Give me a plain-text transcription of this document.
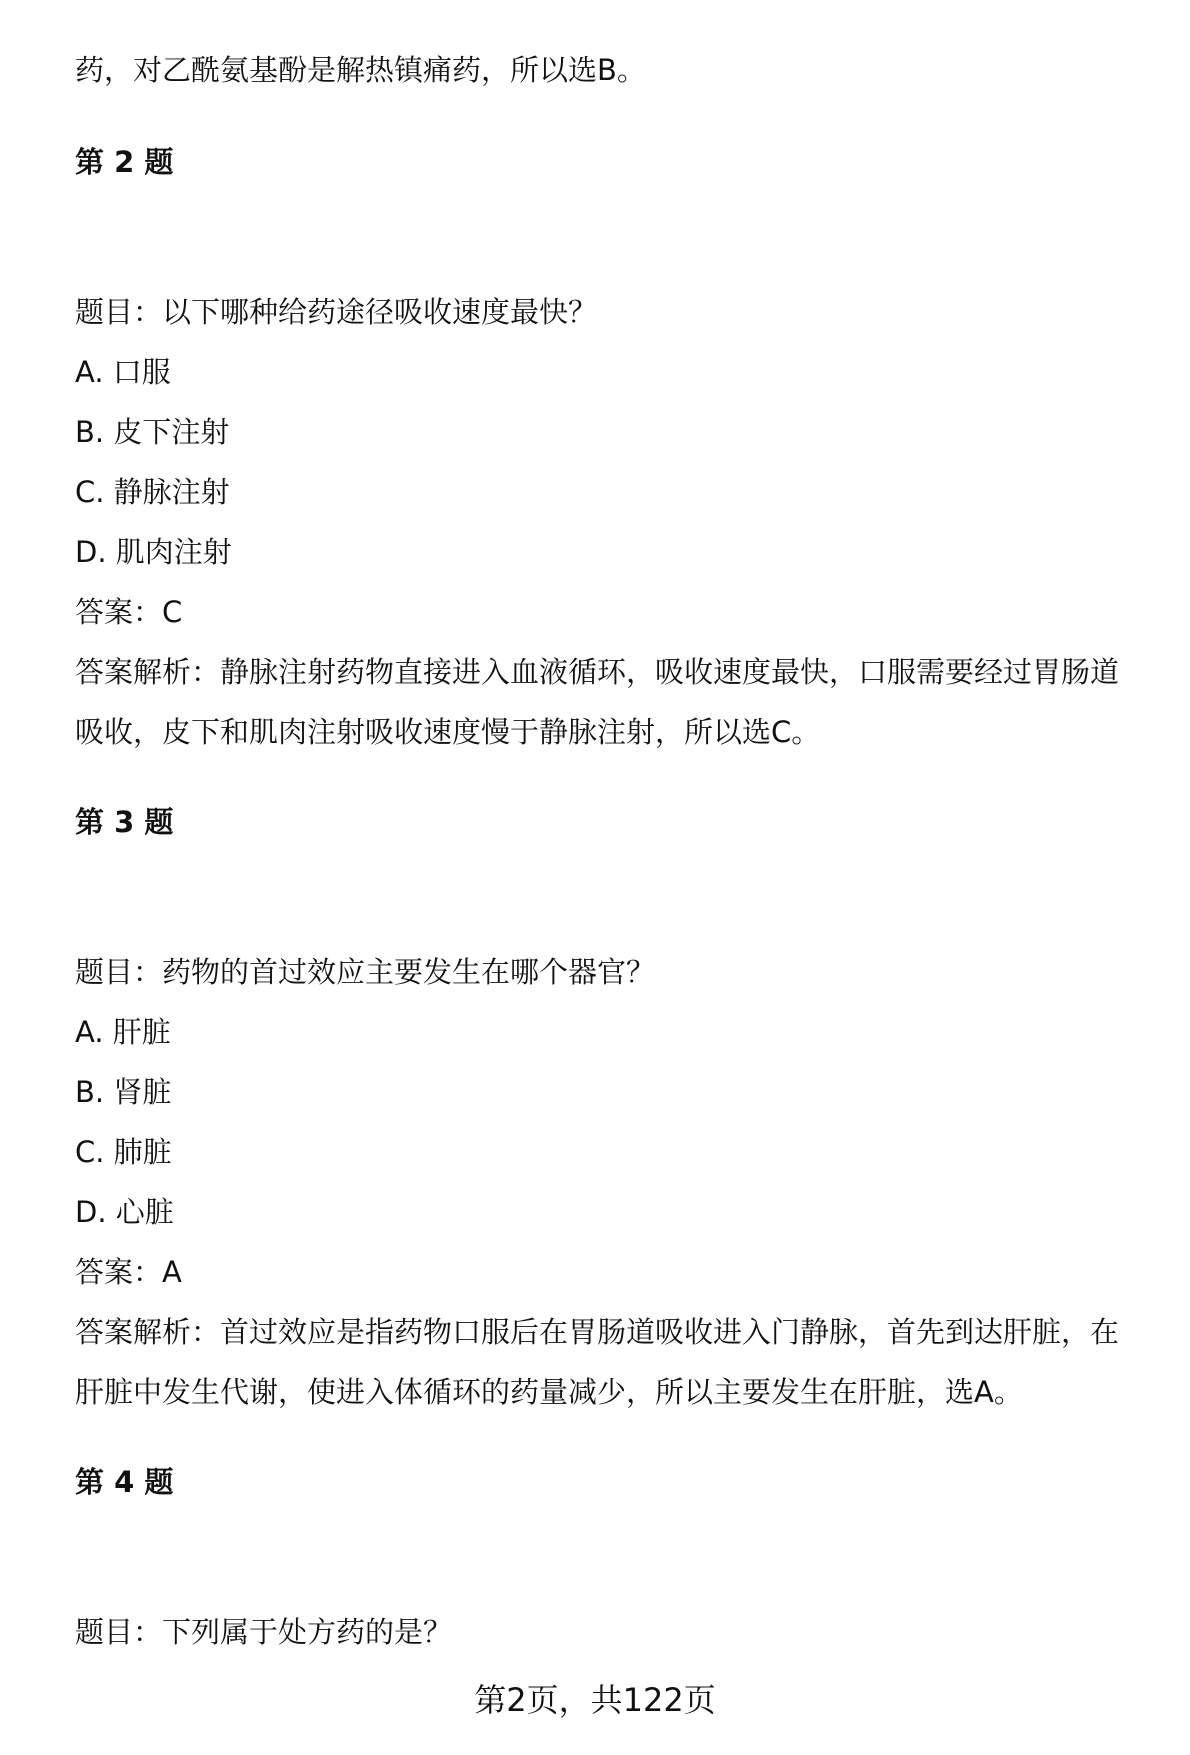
药，对乙酰氨基酚是解热镇痛药，所以选B。

第 2 题

题目：以下哪种给药途径吸收速度最快？

A. 口服

B. 皮下注射

C. 静脉注射

D. 肌肉注射

答案：C

答案解析：静脉注射药物直接进入血液循环，吸收速度最快，口服需要经过胃肠道

吸收，皮下和肌肉注射吸收速度慢于静脉注射，所以选C。

第 3 题

题目：药物的首过效应主要发生在哪个器官？

A. 肝脏

B. 肾脏

C. 肺脏

D. 心脏

答案：A

答案解析：首过效应是指药物口服后在胃肠道吸收进入门静脉，首先到达肝脏，在

肝脏中发生代谢，使进入体循环的药量减少，所以主要发生在肝脏，选A。

第 4 题

题目：下列属于处方药的是？

第2页，共122页
